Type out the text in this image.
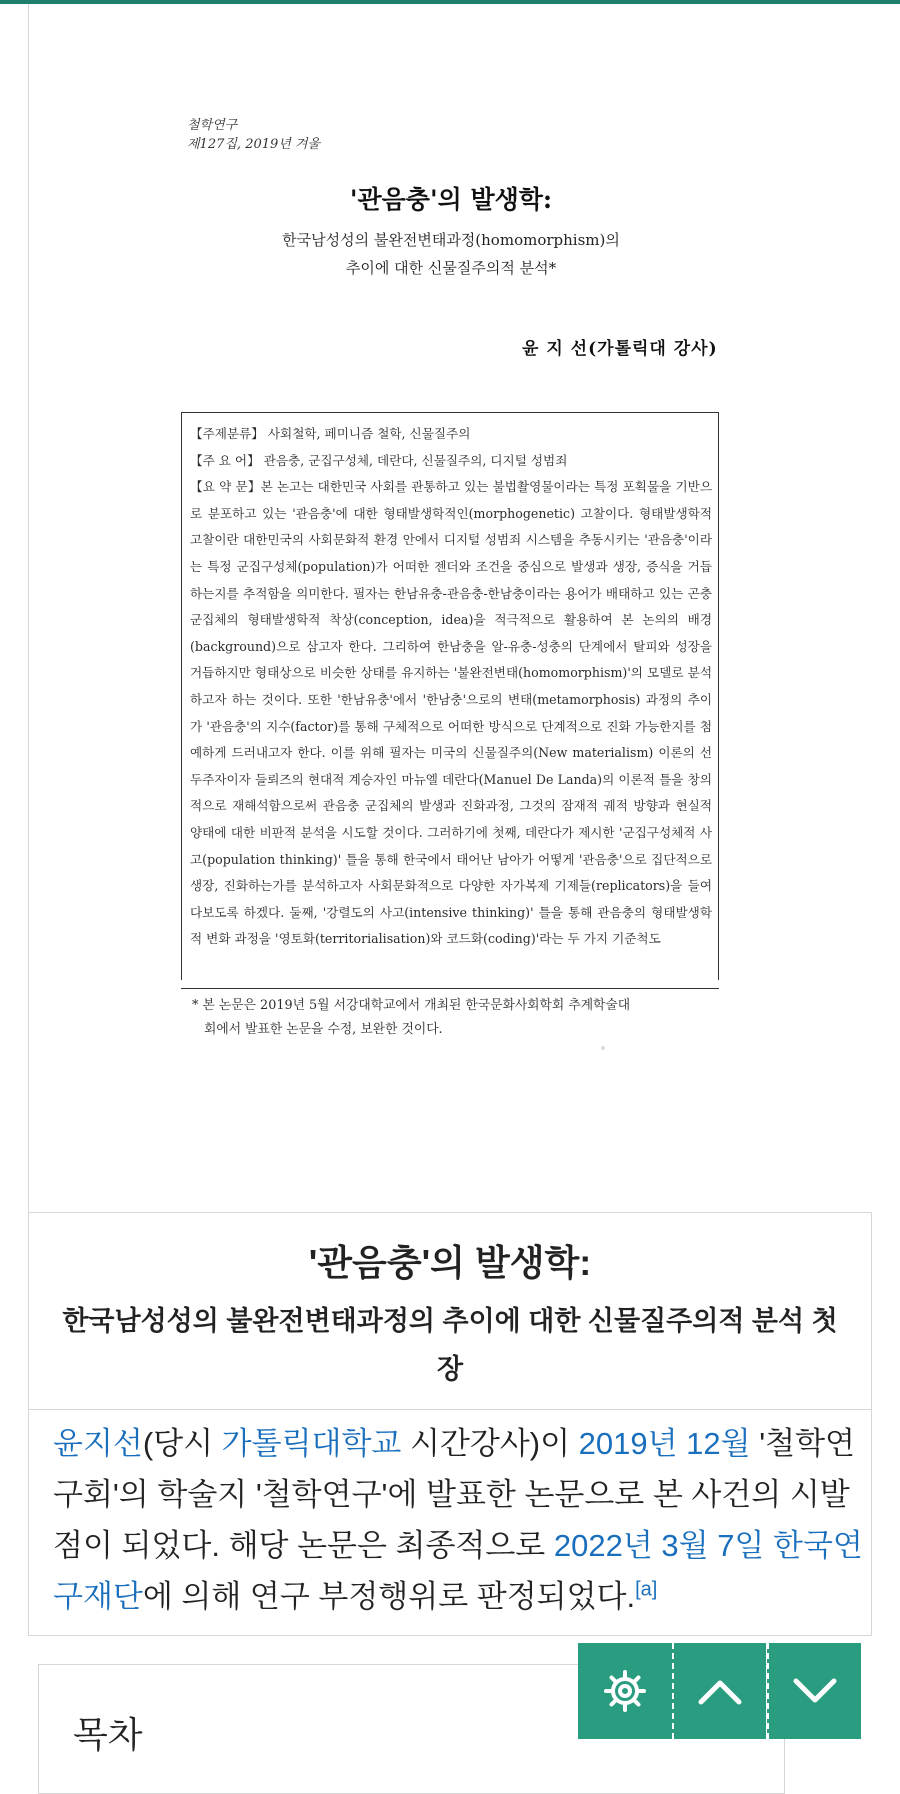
철학연구
제127집, 2019년 겨울
'관음충'의 발생학:
한국남성성의 불완전변태과정(homomorphism)의
추이에 대한 신물질주의적 분석*
윤 지 선(가톨릭대 강사)
【주제분류】 사회철학, 페미니즘 철학, 신물질주의
【주 요 어】 관음충, 군집구성체, 데란다, 신물질주의, 디지털 성범죄
【요 약 문】본 논고는 대한민국 사회를 관통하고 있는 불법촬영물이라는 특정 포획물을 기반으로 분포하고 있는 '관음충'에 대한 형태발생학적인(morphogenetic) 고찰이다. 형태발생학적 고찰이란 대한민국의 사회문화적 환경 안에서 디지털 성범죄 시스템을 추동시키는 '관음충'이라는 특정 군집구성체(population)가 어떠한 젠더와 조건을 중심으로 발생과 생장, 증식을 거듭하는지를 추적함을 의미한다. 필자는 한남유충-관음충-한남충이라는 용어가 배태하고 있는 곤충 군집체의 형태발생학적 착상(conception, idea)을 적극적으로 활용하여 본 논의의 배경(background)으로 삼고자 한다. 그리하여 한남충을 알-유충-성충의 단계에서 탈피와 성장을 거듭하지만 형태상으로 비슷한 상태를 유지하는 '불완전변태(homomorphism)'의 모델로 분석하고자 하는 것이다. 또한 '한남유충'에서 '한남충'으로의 변태(metamorphosis) 과정의 추이가 '관음충'의 지수(factor)를 통해 구체적으로 어떠한 방식으로 단계적으로 진화 가능한지를 첨예하게 드러내고자 한다. 이를 위해 필자는 미국의 신물질주의(New materialism) 이론의 선두주자이자 들뢰즈의 현대적 계승자인 마뉴엘 데란다(Manuel De Landa)의 이론적 틀을 창의적으로 재해석함으로써 관음충 군집체의 발생과 진화과정, 그것의 잠재적 궤적 방향과 현실적 양태에 대한 비판적 분석을 시도할 것이다. 그러하기에 첫째, 데란다가 제시한 '군집구성체적 사고(population thinking)' 틀을 통해 한국에서 태어난 남아가 어떻게 '관음충'으로 집단적으로 생장, 진화하는가를 분석하고자 사회문화적으로 다양한 자가복제 기제들(replicators)을 들여다보도록 하겠다. 둘째, '강렬도의 사고(intensive thinking)' 틀을 통해 관음충의 형태발생학적 변화 과정을 '영토화(territorialisation)와 코드화(coding)'라는 두 가지 기준척도
* 본 논문은 2019년 5월 서강대학교에서 개최된 한국문화사회학회 추계학술대
회에서 발표한 논문을 수정, 보완한 것이다.
'관음충'의 발생학:
한국남성성의 불완전변태과정의 추이에 대한 신물질주의적 분석 첫 장
윤지선(당시 가톨릭대학교 시간강사)이 2019년 12월 '철학연구회'의 학술지 '철학연구'에 발표한 논문으로 본 사건의 시발점이 되었다. 해당 논문은 최종적으로 2022년 3월 7일 한국연구재단에 의해 연구 부정행위로 판정되었다.[a]
목차
